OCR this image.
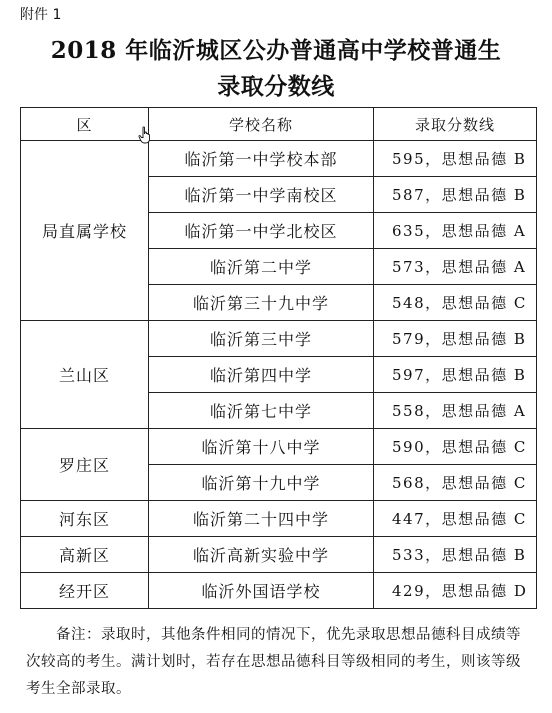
附件 1
2018 年临沂城区公办普通高中学校普通生
录取分数线
区	学校名称	录取分数线
局直属学校	临沂第一中学校本部	595，思想品德 B
	临沂第一中学南校区	587，思想品德 B
	临沂第一中学北校区	635，思想品德 A
	临沂第二中学	573，思想品德 A
	临沂第三十九中学	548，思想品德 C
兰山区	临沂第三中学	579，思想品德 B
	临沂第四中学	597，思想品德 B
	临沂第七中学	558，思想品德 A
罗庄区	临沂第十八中学	590，思想品德 C
	临沂第十九中学	568，思想品德 C
河东区	临沂第二十四中学	447，思想品德 C
高新区	临沂高新实验中学	533，思想品德 B
经开区	临沂外国语学校	429，思想品德 D
备注：录取时，其他条件相同的情况下，优先录取思想品德科目成绩等次较高的考生。满计划时，若存在思想品德科目等级相同的考生，则该等级考生全部录取。
